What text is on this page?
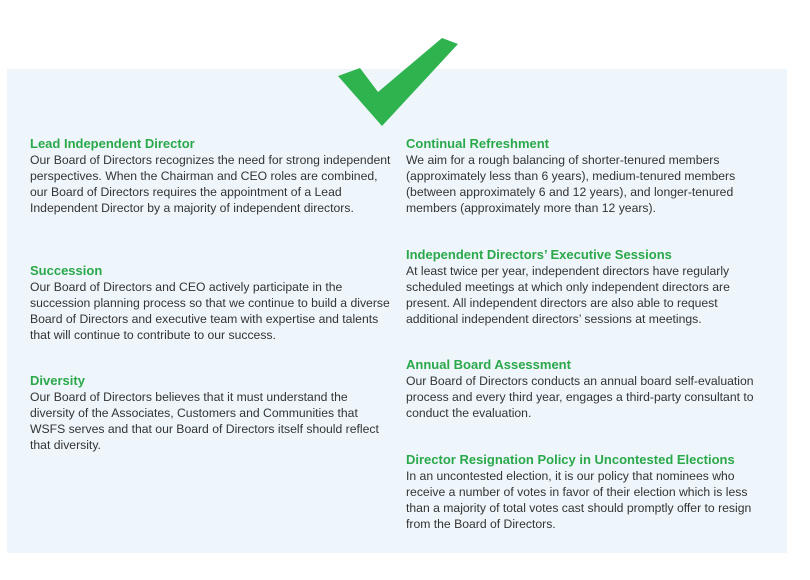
Lead Independent Director

Our Board of Directors recognizes the need for strong independent perspectives. When the Chairman and CEO roles are combined, our Board of Directors requires the appointment of a Lead Independent Director by a majority of independent directors.

Succession

Our Board of Directors and CEO actively participate in the succession planning process so that we continue to build a diverse Board of Directors and executive team with expertise and talents that will continue to contribute to our success.

Diversity

Our Board of Directors believes that it must understand the diversity of the Associates, Customers and Communities that WSFS serves and that our Board of Directors itself should reflect that diversity.

Continual Refreshment

We aim for a rough balancing of shorter-tenured members (approximately less than 6 years), medium-tenured members (between approximately 6 and 12 years), and longer-tenured members (approximately more than 12 years).

Independent Directors’ Executive Sessions

At least twice per year, independent directors have regularly scheduled meetings at which only independent directors are present. All independent directors are also able to request additional independent directors’ sessions at meetings.

Annual Board Assessment

Our Board of Directors conducts an annual board self-evaluation process and every third year, engages a third-party consultant to conduct the evaluation.

Director Resignation Policy in Uncontested Elections

In an uncontested election, it is our policy that nominees who receive a number of votes in favor of their election which is less than a majority of total votes cast should promptly offer to resign from the Board of Directors.
